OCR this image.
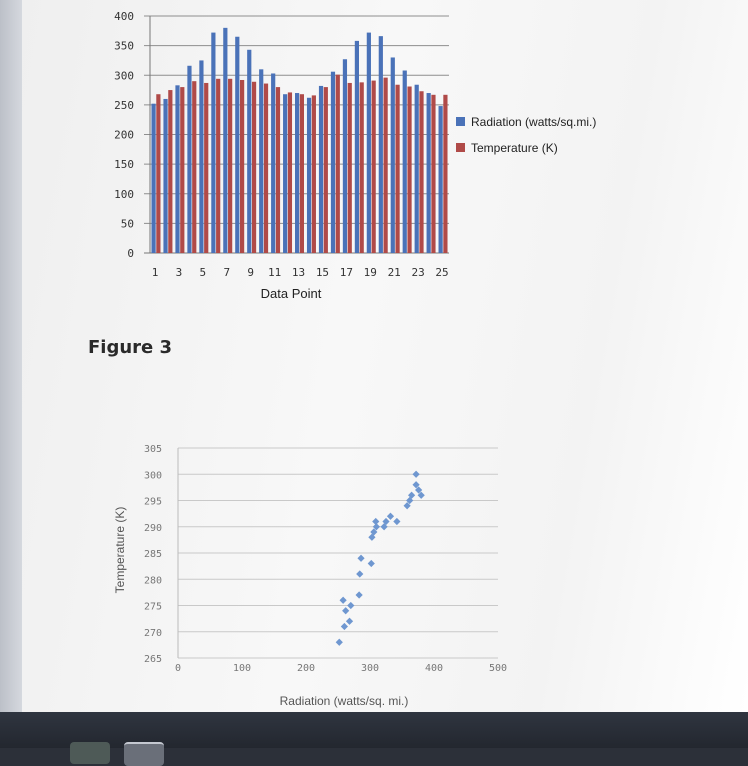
0
50
100
150
200
250
300
350
400
1 3 5 7 9 11 13 15 17 19 21 23 25
Data Point
Radiation (watts/sq.mi.)
Temperature (K)
Figure 3
265
270
275
280
285
290
295
300
305
0	100	200	300	400	500
Radiation (watts/sq. mi.)
Temperature (K)
